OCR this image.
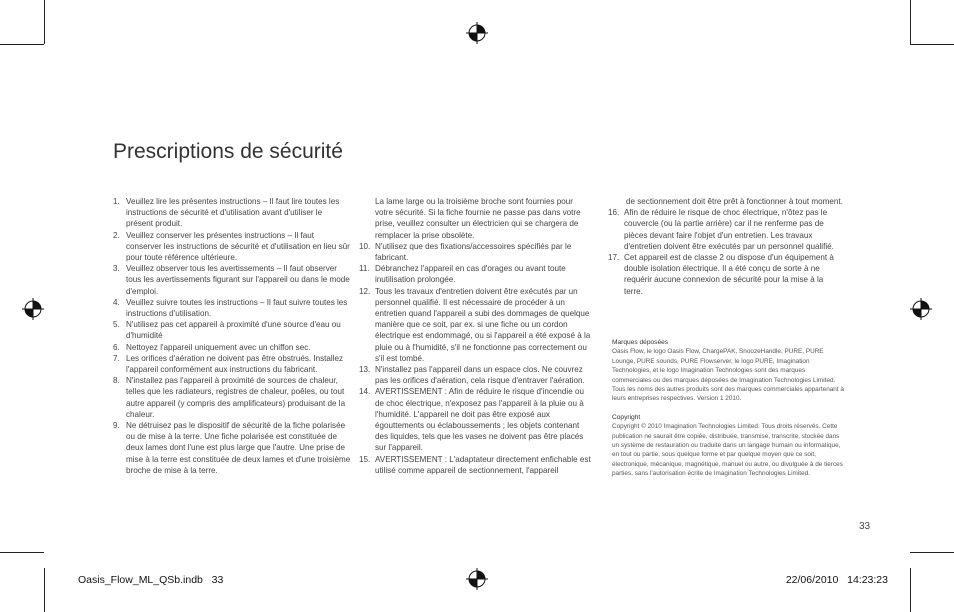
Prescriptions de sécurité
1. Veuillez lire les présentes instructions – Il faut lire toutes les instructions de sécurité et d'utilisation avant d'utiliser le présent produit.
2. Veuillez conserver les présentes instructions – Il faut conserver les instructions de sécurité et d'utilisation en lieu sûr pour toute référence ultérieure.
3. Veuillez observer tous les avertissements – Il faut observer tous les avertissements figurant sur l'appareil ou dans le mode d'emploi.
4. Veuillez suivre toutes les instructions – Il faut suivre toutes les instructions d'utilisation.
5. N'utilisez pas cet appareil à proximité d'une source d'eau ou d'humidité
6. Nettoyez l'appareil uniquement avec un chiffon sec.
7. Les orifices d'aération ne doivent pas être obstrués. Installez l'appareil conformément aux instructions du fabricant.
8. N'installez pas l'appareil à proximité de sources de chaleur, telles que les radiateurs, registres de chaleur, poêles, ou tout autre appareil (y compris des amplificateurs) produisant de la chaleur.
9. Ne détruisez pas le dispositif de sécurité de la fiche polarisée ou de mise à la terre. Une fiche polarisée est constituée de deux lames dont l'une est plus large que l'autre. Une prise de mise à la terre est constituée de deux lames et d'une troisième broche de mise à la terre.

La lame large ou la troisième broche sont fournies pour votre sécurité. Si la fiche fournie ne passe pas dans votre prise, veuillez consulter un électricien qui se chargera de remplacer la prise obsolète.

10. N'utilisez que des fixations/accessoires spécifiés par le fabricant.
11. Débranchez l'appareil en cas d'orages ou avant toute inutilisation prolongée.
12. Tous les travaux d'entretien doivent être exécutés par un personnel qualifié. Il est nécessaire de procéder à un entretien quand l'appareil a subi des dommages de quelque manière que ce soit, par ex. si une fiche ou un cordon électrique est endommagé, ou si l'appareil a été exposé à la pluie ou à l'humidité, s'il ne fonctionne pas correctement ou s'il est tombé.
13. N'installez pas l'appareil dans un espace clos. Ne couvrez pas les orifices d'aération, cela risque d'entraver l'aération.
14. AVERTISSEMENT : Afin de réduire le risque d'incendie ou de choc électrique, n'exposez pas l'appareil à la pluie ou à l'humidité. L'appareil ne doit pas être exposé aux égouttements ou éclaboussements ; les objets contenant des liquides, tels que les vases ne doivent pas être placés sur l'appareil.
15. AVERTISSEMENT : L'adaptateur directement enfichable est utilisé comme appareil de sectionnement, l'appareil

de sectionnement doit être prêt à fonctionner à tout moment.

16. Afin de réduire le risque de choc électrique, n'ôtez pas le couvercle (ou la partie arrière) car il ne renferme pas de pièces devant faire l'objet d'un entretien. Les travaux d'entretien doivent être exécutés par un personnel qualifié.
17. Cet appareil est de classe 2 ou dispose d'un équipement à double isolation électrique. Il a été conçu de sorte à ne requérir aucune connexion de sécurité pour la mise à la terre.

Marques déposées

Oasis Flow, le logo Oasis Flow, ChargePAK, SnoozeHandle, PURE, PURE Lounge, PURE sounds, PURE Flowserver, le logo PURE, Imagination Technologies, et le logo Imagination Technologies sont des marques commerciales ou des marques déposées de Imagination Technologies Limited. Tous les noms des autres produits sont des marques commerciales appartenant à leurs entreprises respectives. Version 1 2010.

Copyright

Copyright © 2010 Imagination Technologies Limited. Tous droits réservés. Cette publication ne saurait être copiée, distribuée, transmise, transcrite, stockée dans un système de restauration ou traduite dans un langage humain ou informatique, en tout ou partie, sous quelque forme et par quelque moyen que ce soit, électronique, mécanique, magnétique, manuel ou autre, ou divulguée à de tierces parties, sans l'autorisation écrite de Imagination Technologies Limited.

33
Oasis_Flow_ML_QSb.indb   33	22/06/2010   14:23:23
